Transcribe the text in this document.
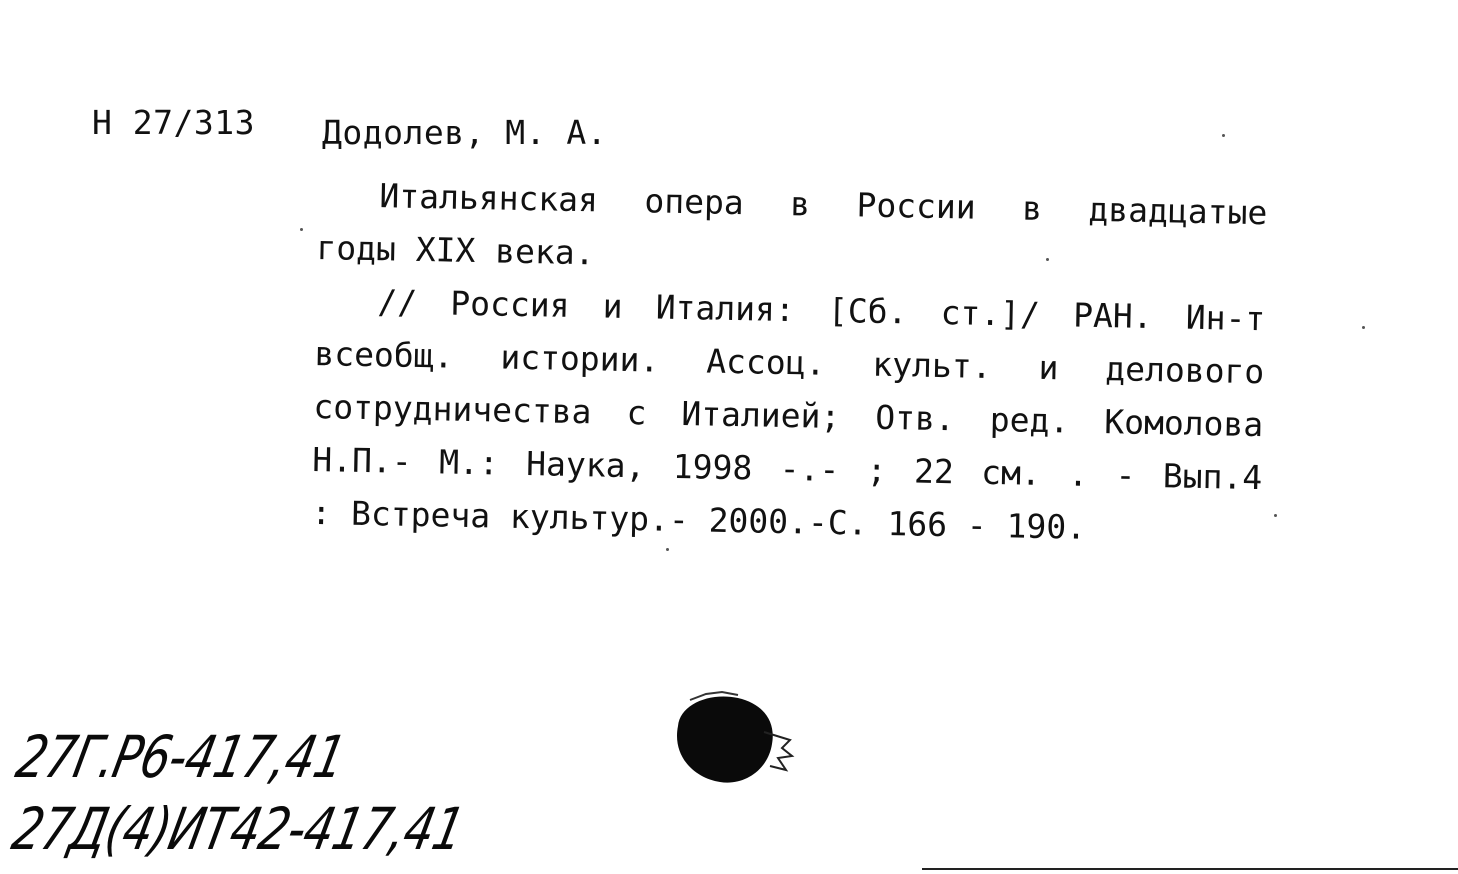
Н 27/313 Додолев, М. А.
Итальянская опера в России в двадцатые
годы XIX века.
// Россия и Италия: [Сб. ст.]/ РАН. Ин-т
всеобщ. истории. Ассоц. культ. и делового
сотрудничества с Италией; Отв. ред. Комолова
Н.П.- М.: Наука, 1998 -.- ; 22 см. . - Вып.4
: Встреча культур.- 2000.-С. 166 - 190.
27Г.Р6-417,41
27Д(4)ИТ42-417,41
